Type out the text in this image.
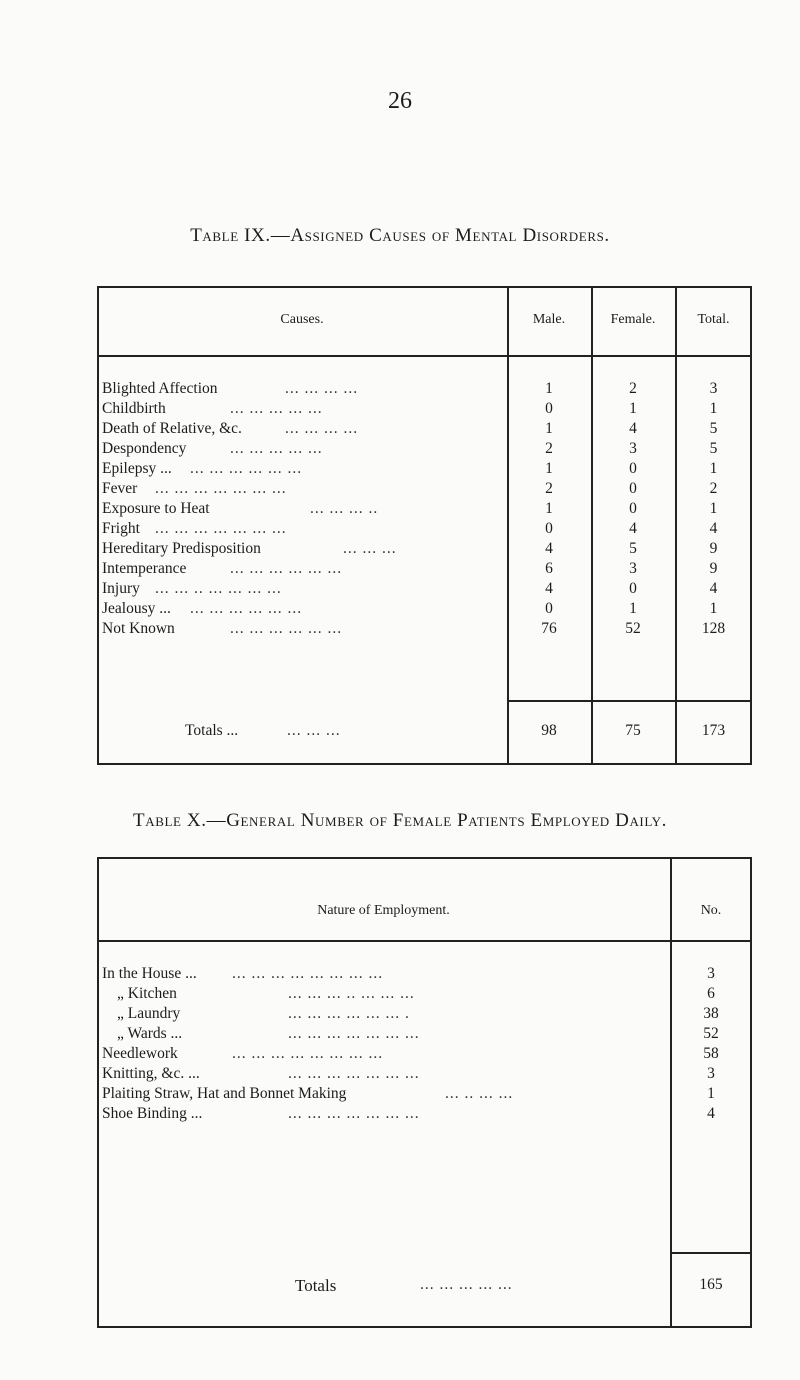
26
Table IX.—Assigned Causes of Mental Disorders.
Causes.	Male.	Female.	Total.
Blighted Affection	... ... ... ...	1	2	3
Childbirth	... ... ... ... ...	0	1	1
Death of Relative, &c.	... ... ... ...	1	4	5
Despondency	... ... ... ... ...	2	3	5
Epilepsy ... ... ... ... ... ... ...	1	0	1
Fever ... ... ... ... ... ... ...	2	0	2
Exposure to Heat	... ... ... ..	1	0	1
Fright ... ... ... ... ... ... ...	0	4	4
Hereditary Predisposition	... ... ...	4	5	9
Intemperance	... ... ... ... ... ...	6	3	9
Injury ... ... .. ... ... ... ...	4	0	4
Jealousy ... ... ... ... ... ... ...	0	1	1
Not Known	... ... ... ... ... ...	76	52	128
Totals ...	... ... ...	98	75	173
Table X.—General Number of Female Patients Employed Daily.
Nature of Employment.	No.
In the House ... ... ... ... ... ... ... ... ...	3
„ Kitchen	... ... ... .. ... ... ...	6
„ Laundry	... ... ... ... ... ... .	38
„ Wards ...	... ... ... ... ... ... ...	52
Needlework	... ... ... ... ... ... ... ...	58
Knitting, &c. ...	... ... ... ... ... ... ...	3
Plaiting Straw, Hat and Bonnet Making	... .. ... ...	1
Shoe Binding ...	... ... ... ... ... ... ...	4
Totals	... ... ... ... ...	165
